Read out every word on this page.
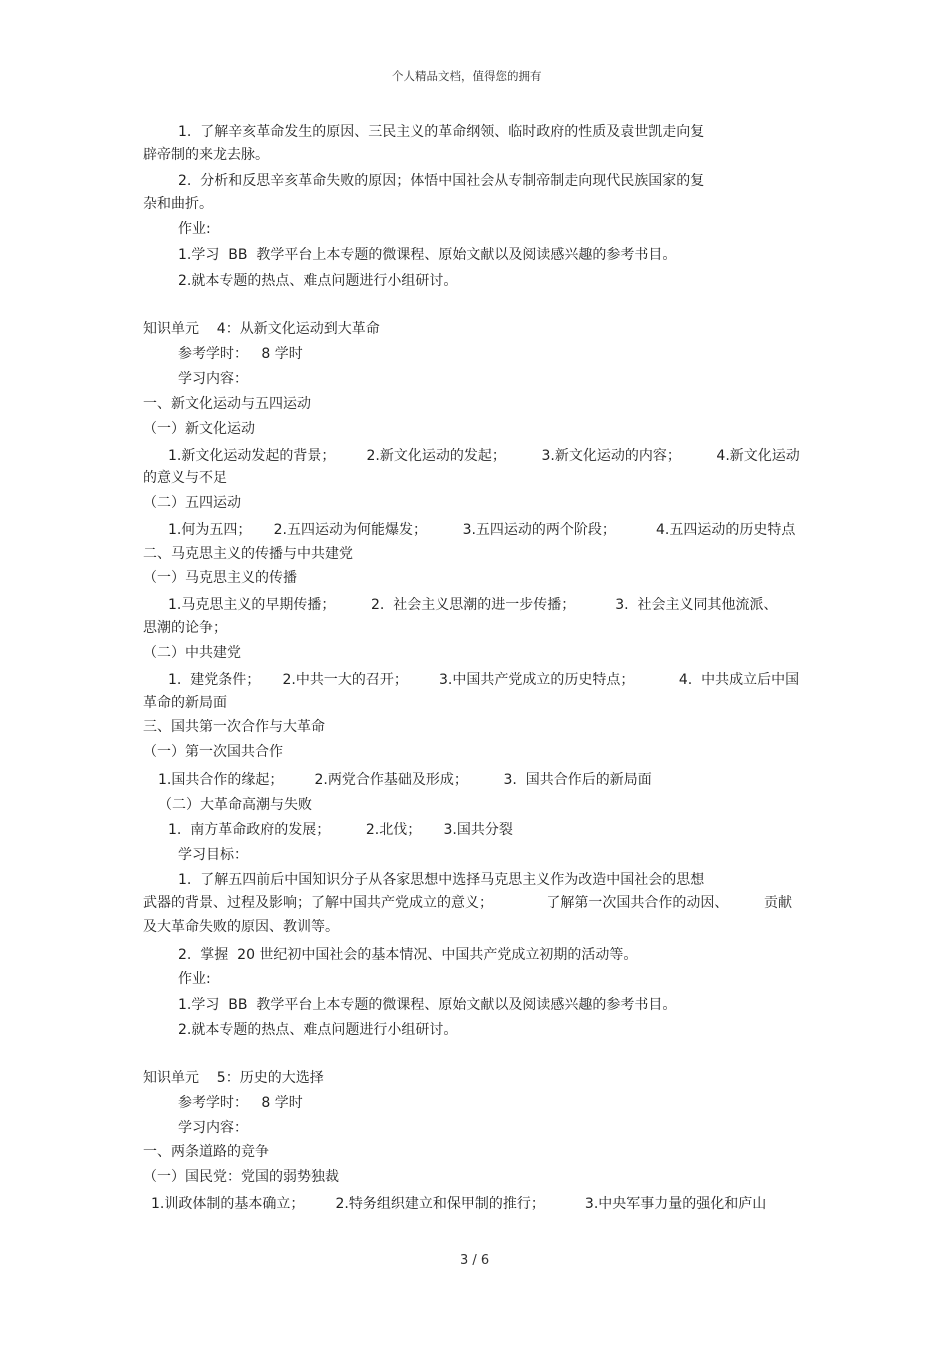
个人精品文档，值得您的拥有
1.  了解辛亥革命发生的原因、三民主义的革命纲领、临时政府的性质及袁世凯走向复
辟帝制的来龙去脉。
2.  分析和反思辛亥革命失败的原因；体悟中国社会从专制帝制走向现代民族国家的复
杂和曲折。
作业:
1.学习  BB  教学平台上本专题的微课程、原始文献以及阅读感兴趣的参考书目。
2.就本专题的热点、难点问题进行小组研讨。
知识单元    4：从新文化运动到大革命
参考学时：   8 学时
学习内容：
一、新文化运动与五四运动
（一）新文化运动
1.新文化运动发起的背景；       2.新文化运动的发起；        3.新文化运动的内容；        4.新文化运动
的意义与不足
（二）五四运动
1.何为五四；     2.五四运动为何能爆发；        3.五四运动的两个阶段；         4.五四运动的历史特点
二、马克思主义的传播与中共建党
（一）马克思主义的传播
1.马克思主义的早期传播；        2.  社会主义思潮的进一步传播；         3.  社会主义同其他流派、
思潮的论争；
（二）中共建党
1.  建党条件；     2.中共一大的召开；       3.中国共产党成立的历史特点；          4.  中共成立后中国
革命的新局面
三、国共第一次合作与大革命
（一）第一次国共合作
1.国共合作的缘起；       2.两党合作基础及形成；        3.  国共合作后的新局面
（二）大革命高潮与失败
1.  南方革命政府的发展；        2.北伐；     3.国共分裂
学习目标：
1.  了解五四前后中国知识分子从各家思想中选择马克思主义作为改造中国社会的思想
武器的背景、过程及影响；了解中国共产党成立的意义；            了解第一次国共合作的动因、        贡献
及大革命失败的原因、教训等。
2.  掌握  20 世纪初中国社会的基本情况、中国共产党成立初期的活动等。
作业:
1.学习  BB  教学平台上本专题的微课程、原始文献以及阅读感兴趣的参考书目。
2.就本专题的热点、难点问题进行小组研讨。
知识单元    5：历史的大选择
参考学时：   8 学时
学习内容：
一、两条道路的竞争
（一）国民党：党国的弱势独裁
1.训政体制的基本确立；       2.特务组织建立和保甲制的推行；         3.中央军事力量的强化和庐山
3 / 6
